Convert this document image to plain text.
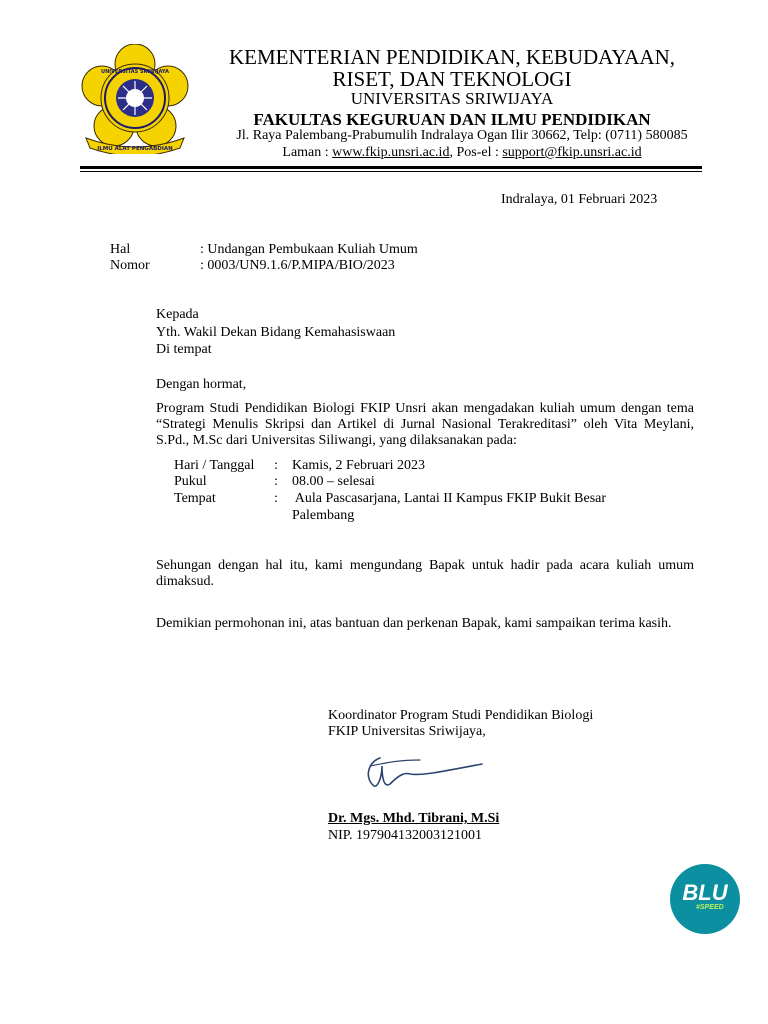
UNIVERSITAS SRIWIJAYA
ILMU ALAT PENGABDIAN
KEMENTERIAN PENDIDIKAN, KEBUDAYAAN,
RISET, DAN TEKNOLOGI
UNIVERSITAS SRIWIJAYA
FAKULTAS KEGURUAN DAN ILMU PENDIDIKAN
Jl. Raya Palembang-Prabumulih Indralaya Ogan Ilir 30662, Telp: (0711) 580085
Laman : www.fkip.unsri.ac.id, Pos-el : support@fkip.unsri.ac.id
Indralaya, 01 Februari 2023
Hal	: Undangan Pembukaan Kuliah Umum
Nomor	: 0003/UN9.1.6/P.MIPA/BIO/2023
Kepada
Yth. Wakil Dekan Bidang Kemahasiswaan
Di tempat
Dengan hormat,
Program Studi Pendidikan Biologi FKIP Unsri akan mengadakan kuliah umum dengan tema “Strategi Menulis Skripsi dan Artikel di Jurnal Nasional Terakreditasi” oleh Vita Meylani, S.Pd., M.Sc dari Universitas Siliwangi, yang dilaksanakan pada:
Hari / Tanggal : Kamis, 2 Februari 2023
Pukul	: 08.00 – selesai
Tempat	: Aula Pascasarjana, Lantai II Kampus FKIP Bukit Besar
Palembang
Sehungan dengan hal itu, kami mengundang Bapak untuk hadir pada acara kuliah umum dimaksud.
Demikian permohonan ini, atas bantuan dan perkenan Bapak, kami sampaikan terima kasih.
Koordinator Program Studi Pendidikan Biologi
FKIP Universitas Sriwijaya,
Dr. Mgs. Mhd. Tibrani, M.Si
NIP. 197904132003121001
BLU
#SPEED
